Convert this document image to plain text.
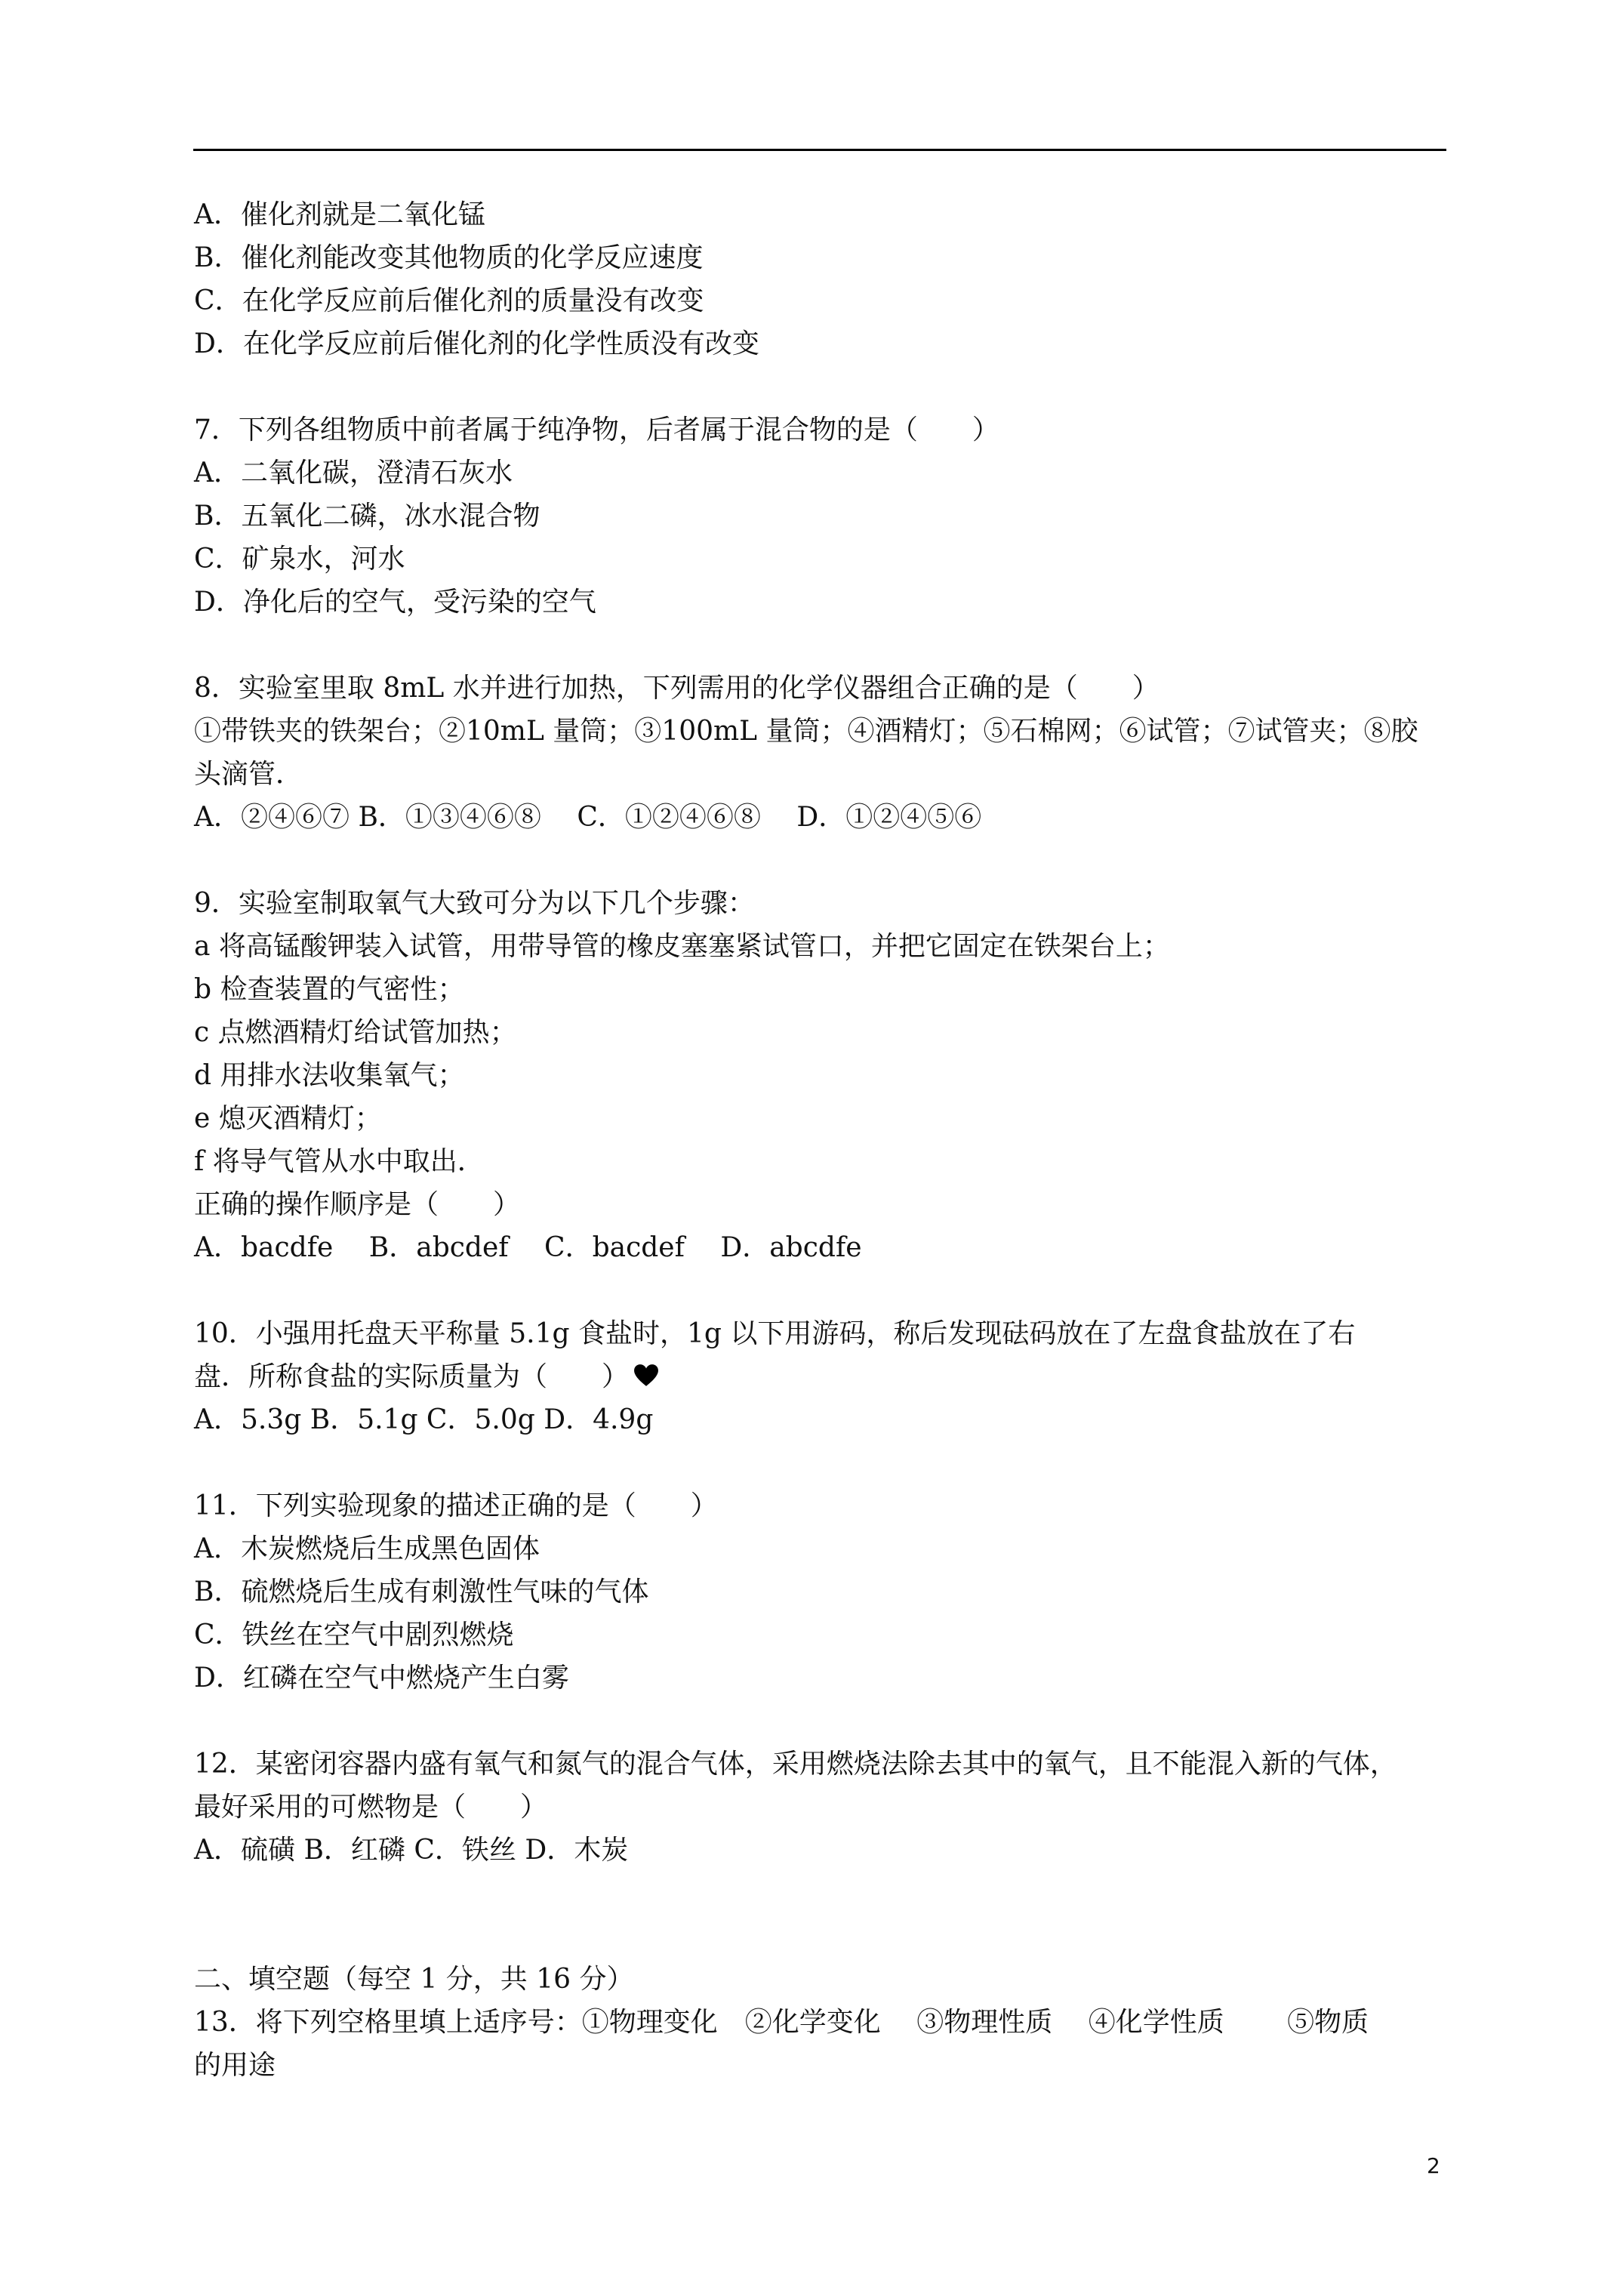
A．催化剂就是二氧化锰
B．催化剂能改变其他物质的化学反应速度
C．在化学反应前后催化剂的质量没有改变
D．在化学反应前后催化剂的化学性质没有改变
7．下列各组物质中前者属于纯净物，后者属于混合物的是（　　）
A．二氧化碳，澄清石灰水
B．五氧化二磷，冰水混合物
C．矿泉水，河水
D．净化后的空气，受污染的空气
8．实验室里取 8mL 水并进行加热，下列需用的化学仪器组合正确的是（　　）
①带铁夹的铁架台；②10mL 量筒；③100mL 量筒；④酒精灯；⑤石棉网；⑥试管；⑦试管夹；⑧胶
头滴管．
A．②④⑥⑦ B．①③④⑥⑧　 C．①②④⑥⑧　 D．①②④⑤⑥
9．实验室制取氧气大致可分为以下几个步骤：
a 将高锰酸钾装入试管，用带导管的橡皮塞塞紧试管口，并把它固定在铁架台上；
b 检查装置的气密性；
c 点燃酒精灯给试管加热；
d 用排水法收集氧气；
e 熄灭酒精灯；
f 将导气管从水中取出．
正确的操作顺序是（　　）
A．bacdfe　 B．abcdef　 C．bacdef　 D．abcdfe
10．小强用托盘天平称量 5.1g 食盐时，1g 以下用游码，称后发现砝码放在了左盘食盐放在了右
盘．所称食盐的实际质量为（　　）
A．5.3g B．5.1g C．5.0g D．4.9g
11．下列实验现象的描述正确的是（　　）
A．木炭燃烧后生成黑色固体
B．硫燃烧后生成有刺激性气味的气体
C．铁丝在空气中剧烈燃烧
D．红磷在空气中燃烧产生白雾
12．某密闭容器内盛有氧气和氮气的混合气体，采用燃烧法除去其中的氧气，且不能混入新的气体，
最好采用的可燃物是（　　）
A．硫磺 B．红磷 C．铁丝 D．木炭
二、填空题（每空 1 分，共 16 分）
13．将下列空格里填上适序号：①物理变化　②化学变化　 ③物理性质　 ④化学性质　　 ⑤物质
的用途
2
